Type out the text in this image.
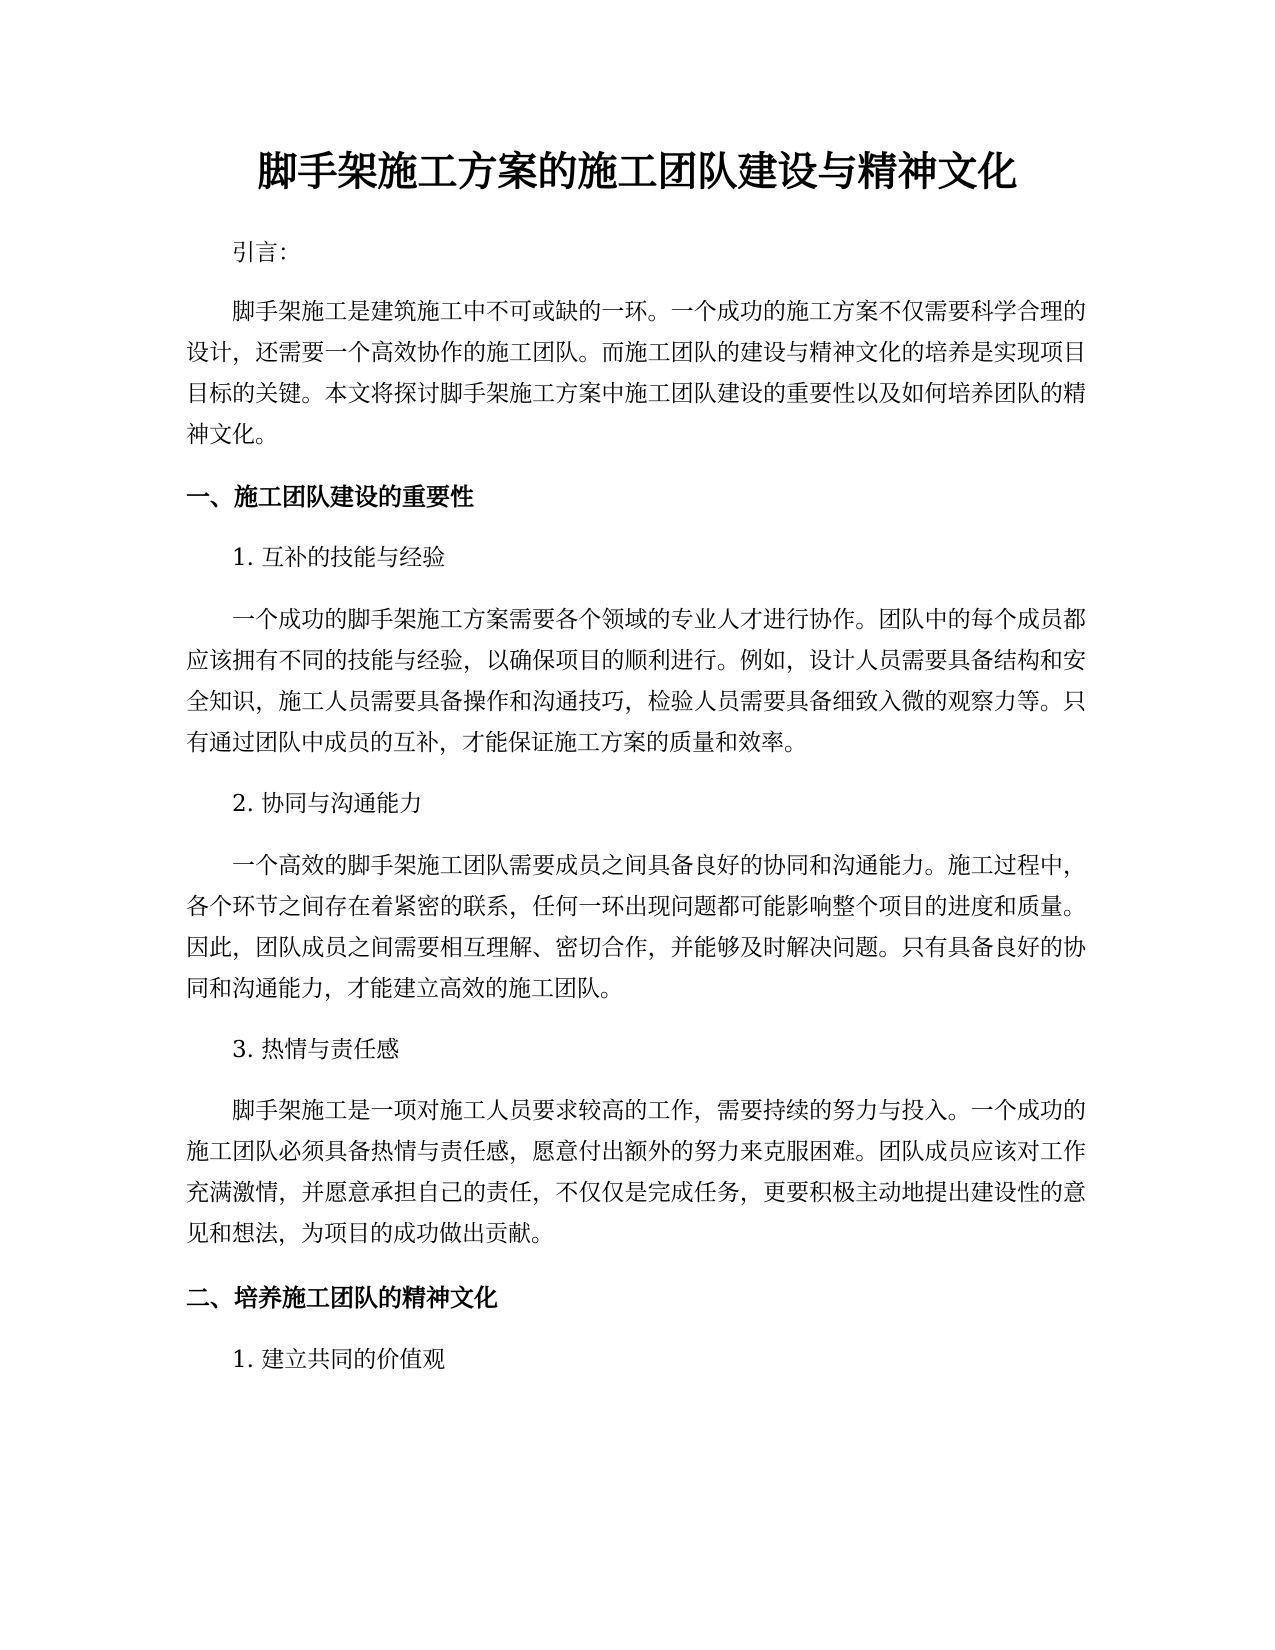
脚手架施工方案的施工团队建设与精神文化

引言：

脚手架施工是建筑施工中不可或缺的一环。一个成功的施工方案不仅需要科学合理的设计，还需要一个高效协作的施工团队。而施工团队的建设与精神文化的培养是实现项目目标的关键。本文将探讨脚手架施工方案中施工团队建设的重要性以及如何培养团队的精神文化。

一、施工团队建设的重要性

1. 互补的技能与经验

一个成功的脚手架施工方案需要各个领域的专业人才进行协作。团队中的每个成员都应该拥有不同的技能与经验，以确保项目的顺利进行。例如，设计人员需要具备结构和安全知识，施工人员需要具备操作和沟通技巧，检验人员需要具备细致入微的观察力等。只有通过团队中成员的互补，才能保证施工方案的质量和效率。

2. 协同与沟通能力

一个高效的脚手架施工团队需要成员之间具备良好的协同和沟通能力。施工过程中，各个环节之间存在着紧密的联系，任何一环出现问题都可能影响整个项目的进度和质量。因此，团队成员之间需要相互理解、密切合作，并能够及时解决问题。只有具备良好的协同和沟通能力，才能建立高效的施工团队。

3. 热情与责任感

脚手架施工是一项对施工人员要求较高的工作，需要持续的努力与投入。一个成功的施工团队必须具备热情与责任感，愿意付出额外的努力来克服困难。团队成员应该对工作充满激情，并愿意承担自己的责任，不仅仅是完成任务，更要积极主动地提出建设性的意见和想法，为项目的成功做出贡献。

二、培养施工团队的精神文化

1. 建立共同的价值观
